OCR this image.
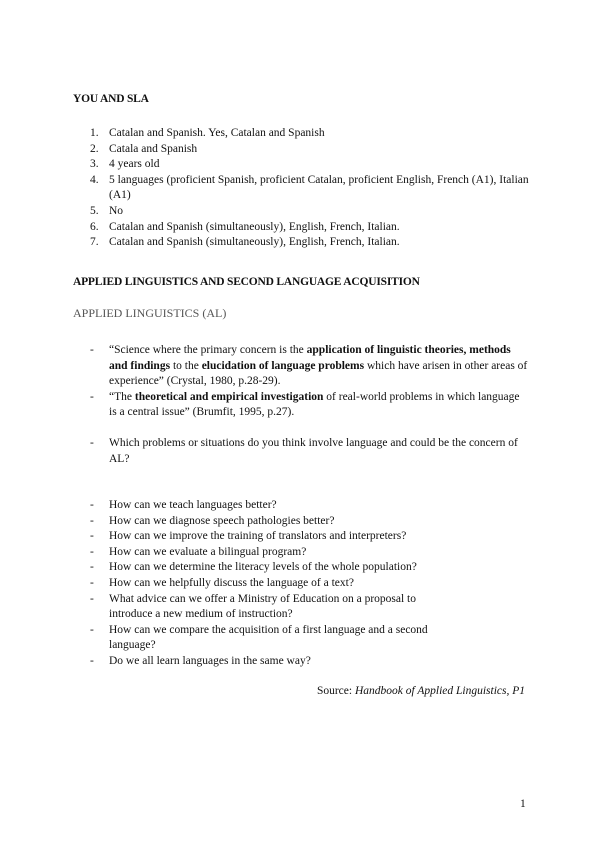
YOU AND SLA
1. Catalan and Spanish. Yes, Catalan and Spanish
2. Catala and Spanish
3. 4 years old
4. 5 languages (proficient Spanish, proficient Catalan, proficient English, French (A1), Italian (A1)
5. No
6. Catalan and Spanish (simultaneously), English, French, Italian.
7. Catalan and Spanish (simultaneously), English, French, Italian.
APPLIED LINGUISTICS AND SECOND LANGUAGE ACQUISITION
APPLIED LINGUISTICS (AL)
-	“Science where the primary concern is the application of linguistic theories, methods and findings to the elucidation of language problems which have arisen in other areas of experience” (Crystal, 1980, p.28-29).
-	“The theoretical and empirical investigation of real-world problems in which language is a central issue” (Brumfit, 1995, p.27).
-	Which problems or situations do you think involve language and could be the concern of AL?
-	How can we teach languages better?
-	How can we diagnose speech pathologies better?
-	How can we improve the training of translators and interpreters?
-	How can we evaluate a bilingual program?
-	How can we determine the literacy levels of the whole population?
-	How can we helpfully discuss the language of a text?
-	What advice can we offer a Ministry of Education on a proposal to introduce a new medium of instruction?
-	How can we compare the acquisition of a first language and a second language?
-	Do we all learn languages in the same way?
Source: Handbook of Applied Linguistics, P1
1
